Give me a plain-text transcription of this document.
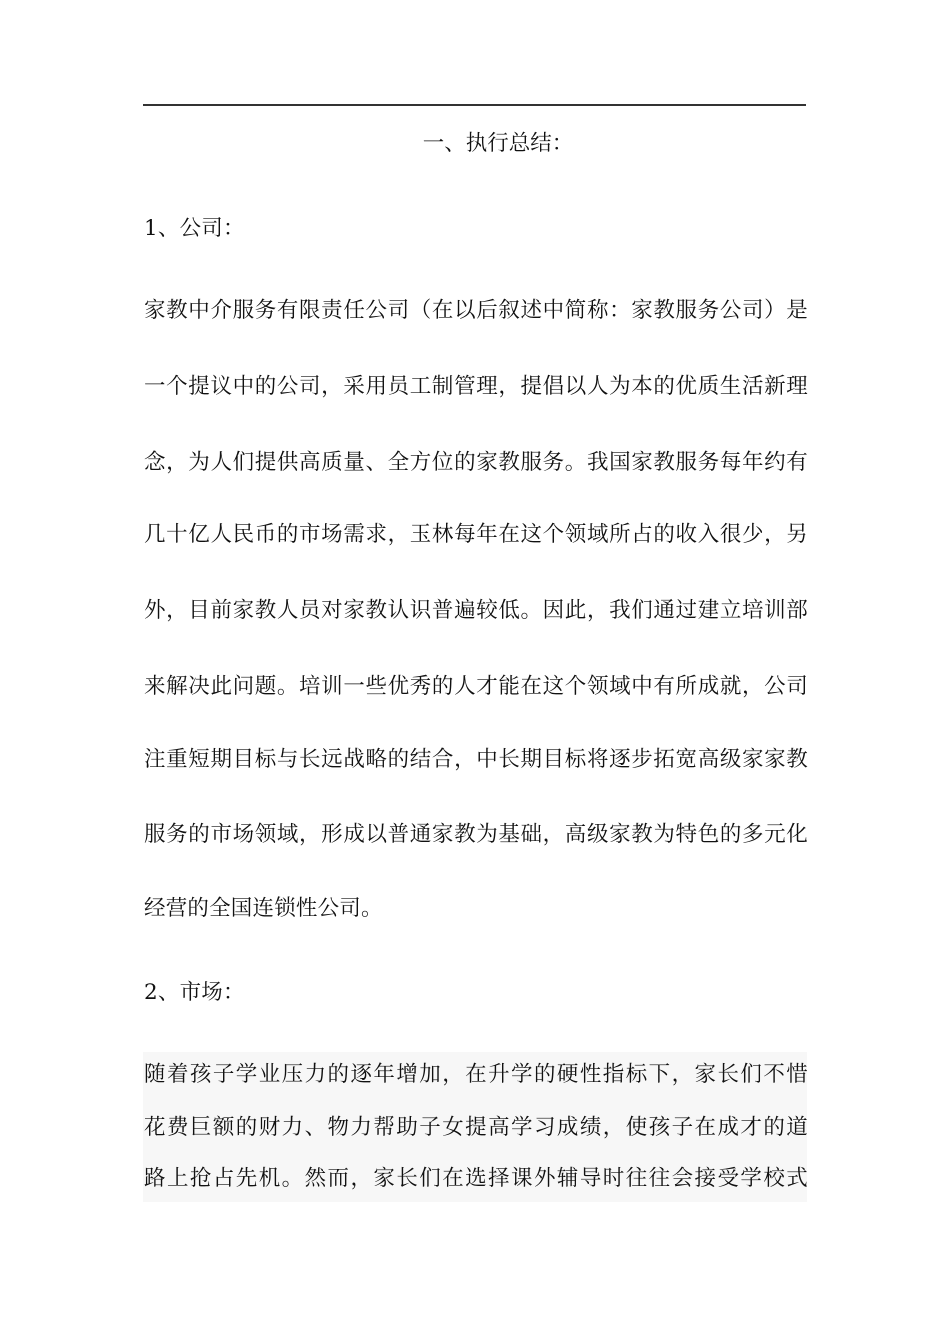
一、执行总结：
1、公司：
家教中介服务有限责任公司（在以后叙述中简称：家教服务公司）是
一个提议中的公司，采用员工制管理，提倡以人为本的优质生活新理
念，为人们提供高质量、全方位的家教服务。我国家教服务每年约有
几十亿人民币的市场需求，玉林每年在这个领域所占的收入很少，另
外，目前家教人员对家教认识普遍较低。因此，我们通过建立培训部
来解决此问题。培训一些优秀的人才能在这个领域中有所成就，公司
注重短期目标与长远战略的结合，中长期目标将逐步拓宽高级家家教
服务的市场领域，形成以普通家教为基础，高级家教为特色的多元化
经营的全国连锁性公司。
2、市场：
随着孩子学业压力的逐年增加，在升学的硬性指标下，家长们不惜
花费巨额的财力、物力帮助子女提高学习成绩，使孩子在成才的道
路上抢占先机。然而，家长们在选择课外辅导时往往会接受学校式
